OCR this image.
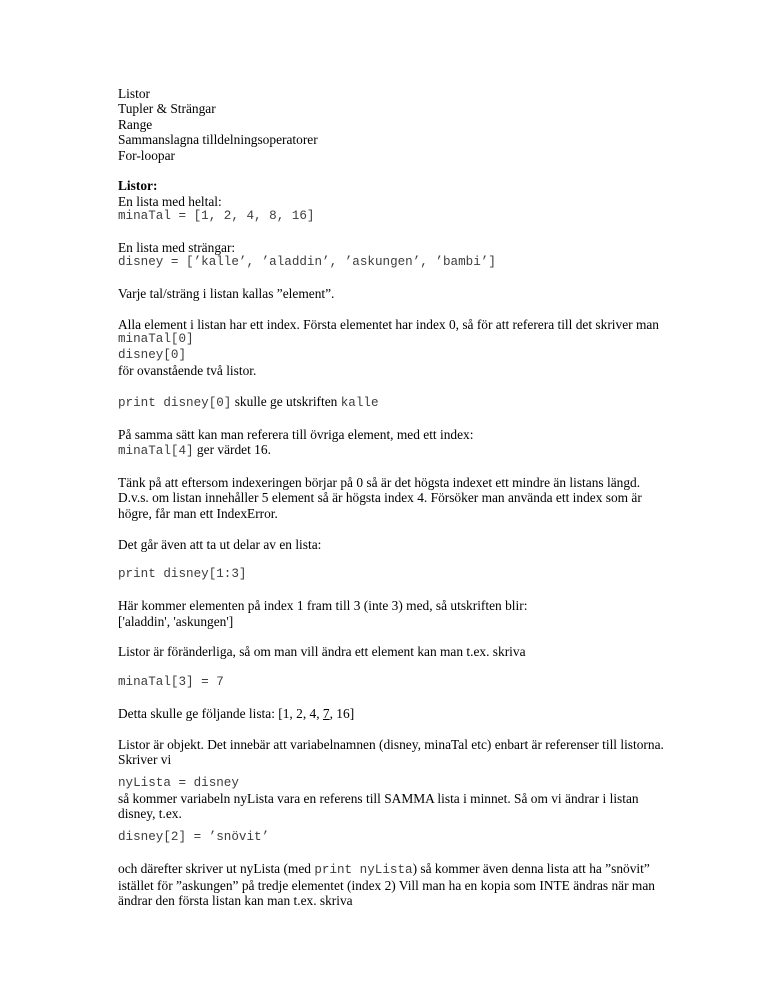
Listor
Tupler & Strängar
Range
Sammanslagna tilldelningsoperatorer
For-loopar
Listor:
En lista med heltal:
minaTal = [1, 2, 4, 8, 16]
En lista med strängar:
disney = [’kalle’, ’aladdin’, ’askungen’, ’bambi’]
Varje tal/sträng i listan kallas ”element”.
Alla element i listan har ett index. Första elementet har index 0, så för att referera till det skriver man
minaTal[0]
disney[0]
för ovanstående två listor.
print disney[0] skulle ge utskriften kalle
På samma sätt kan man referera till övriga element, med ett index:
minaTal[4] ger värdet 16.
Tänk på att eftersom indexeringen börjar på 0 så är det högsta indexet ett mindre än listans längd. D.v.s. om listan innehåller 5 element så är högsta index 4. Försöker man använda ett index som är högre, får man ett IndexError.
Det går även att ta ut delar av en lista:
print disney[1:3]
Här kommer elementen på index 1 fram till 3 (inte 3) med, så utskriften blir:
['aladdin', 'askungen']
Listor är föränderliga, så om man vill ändra ett element kan man t.ex. skriva
minaTal[3] = 7
Detta skulle ge följande lista: [1, 2, 4, 7, 16]
Listor är objekt. Det innebär att variabelnamnen (disney, minaTal etc) enbart är referenser till listorna. Skriver vi
nyLista = disney
så kommer variabeln nyLista vara en referens till SAMMA lista i minnet. Så om vi ändrar i listan disney, t.ex.
disney[2] = ’snövit’
och därefter skriver ut nyLista (med print nyLista) så kommer även denna lista att ha ”snövit” istället för ”askungen” på tredje elementet (index 2) Vill man ha en kopia som INTE ändras när man ändrar den första listan kan man t.ex. skriva
